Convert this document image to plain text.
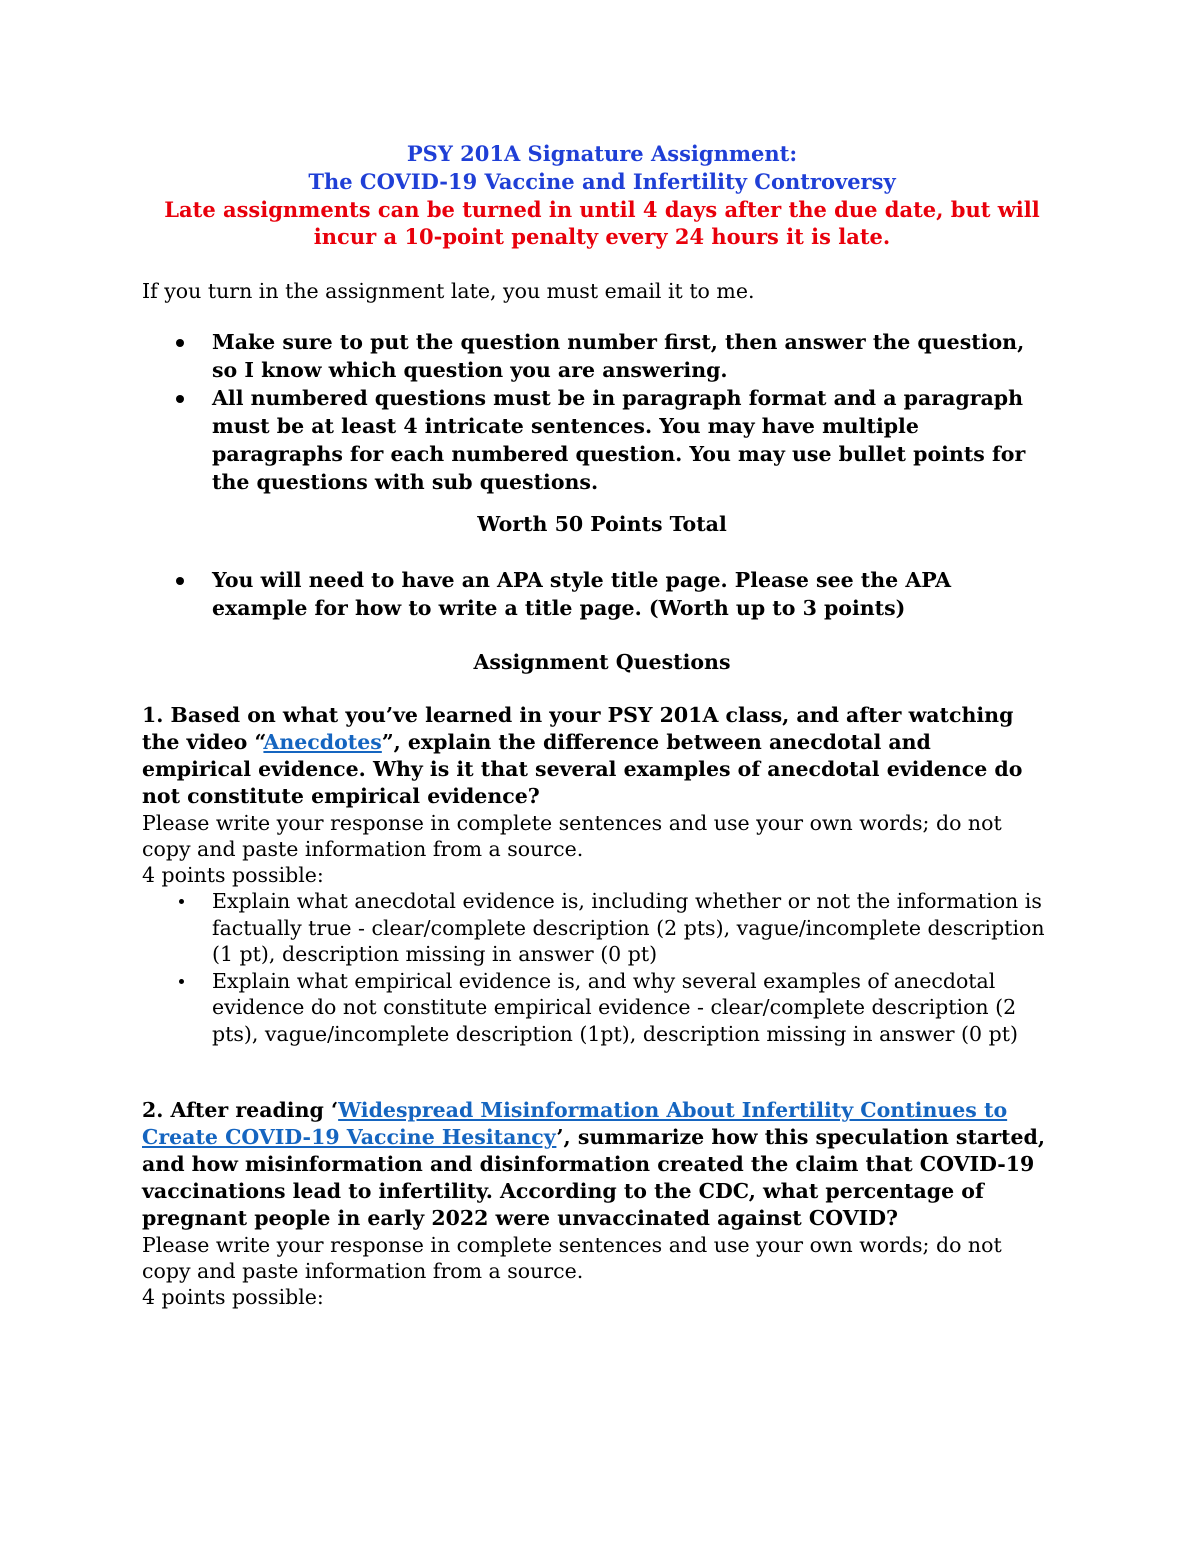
PSY 201A Signature Assignment:
The COVID-19 Vaccine and Infertility Controversy
Late assignments can be turned in until 4 days after the due date, but will
incur a 10-point penalty every 24 hours it is late.
If you turn in the assignment late, you must email it to me.
Make sure to put the question number first, then answer the question, so I know which question you are answering.
All numbered questions must be in paragraph format and a paragraph must be at least 4 intricate sentences. You may have multiple paragraphs for each numbered question. You may use bullet points for the questions with sub questions.
Worth 50 Points Total
You will need to have an APA style title page. Please see the APA example for how to write a title page. (Worth up to 3 points)
Assignment Questions
1. Based on what you’ve learned in your PSY 201A class, and after watching the video “Anecdotes”, explain the difference between anecdotal and empirical evidence. Why is it that several examples of anecdotal evidence do not constitute empirical evidence?
Please write your response in complete sentences and use your own words; do not copy and paste information from a source.
4 points possible:
Explain what anecdotal evidence is, including whether or not the information is factually true - clear/complete description (2 pts), vague/incomplete description (1 pt), description missing in answer (0 pt)
Explain what empirical evidence is, and why several examples of anecdotal evidence do not constitute empirical evidence - clear/complete description (2 pts), vague/incomplete description (1pt), description missing in answer (0 pt)
2. After reading ‘Widespread Misinformation About Infertility Continues to Create COVID-19 Vaccine Hesitancy’, summarize how this speculation started, and how misinformation and disinformation created the claim that COVID-19 vaccinations lead to infertility. According to the CDC, what percentage of pregnant people in early 2022 were unvaccinated against COVID?
Please write your response in complete sentences and use your own words; do not copy and paste information from a source.
4 points possible:
